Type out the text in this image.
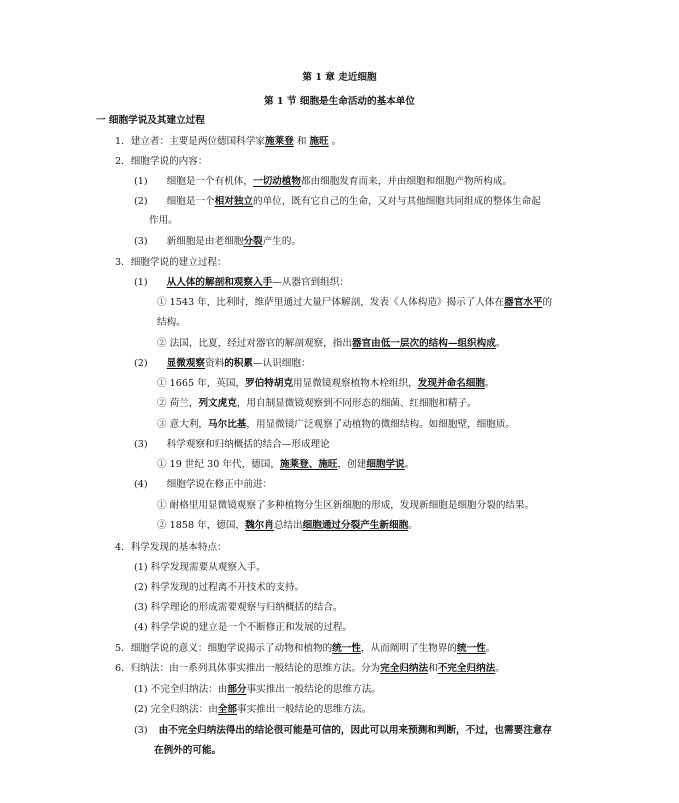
第 1 章 走近细胞
第 1 节 细胞是生命活动的基本单位
一 细胞学说及其建立过程
1．建立者：主要是两位德国科学家施莱登 和 施旺 。
2．细胞学说的内容：
(1) 细胞是一个有机体，一切动植物都由细胞发育而来，并由细胞和细胞产物所构成。
(2) 细胞是一个相对独立的单位，既有它自己的生命，又对与其他细胞共同组成的整体生命起
作用。
(3) 新细胞是由老细胞分裂产生的。
3．细胞学说的建立过程：
(1) 从人体的解剖和观察入手—从器官到组织：
① 1543 年，比利时，维萨里通过大量尸体解剖，发表《人体构造》揭示了人体在器官水平的
结构。
② 法国，比夏，经过对器官的解剖观察，指出器官由低一层次的结构—组织构成。
(2) 显微观察资料的积累—认识细胞：
① 1665 年，英国，罗伯特胡克用显微镜观察植物木栓组织，发现并命名细胞。
② 荷兰，列文虎克，用自制显微镜观察到不同形态的细菌、红细胞和精子。
③ 意大利，马尔比基，用显微镜广泛观察了动植物的微细结构。如细胞壁，细胞质。
(3) 科学观察和归纳概括的结合—形成理论
① 19 世纪 30 年代，德国，施莱登、施旺，创建细胞学说。
(4) 细胞学说在修正中前进：
① 耐格里用显微镜观察了多种植物分生区新细胞的形成，发现新细胞是细胞分裂的结果。
② 1858 年，德国，魏尔肖总结出细胞通过分裂产生新细胞。
4．科学发现的基本特点：
(1) 科学发现需要从观察入手。
(2) 科学发现的过程离不开技术的支持。
(3) 科学理论的形成需要观察与归纳概括的结合。
(4) 科学学说的建立是一个不断修正和发展的过程。
5．细胞学说的意义：细胞学说揭示了动物和植物的统一性，从而阐明了生物界的统一性。
6．归纳法：由一系列具体事实推出一般结论的思维方法。分为完全归纳法和不完全归纳法。
(1) 不完全归纳法：由部分事实推出一般结论的思维方法。
(2) 完全归纳法：由全部事实推出一般结论的思维方法。
(3) 由不完全归纳法得出的结论很可能是可信的，因此可以用来预测和判断，不过，也需要注意存
在例外的可能。
